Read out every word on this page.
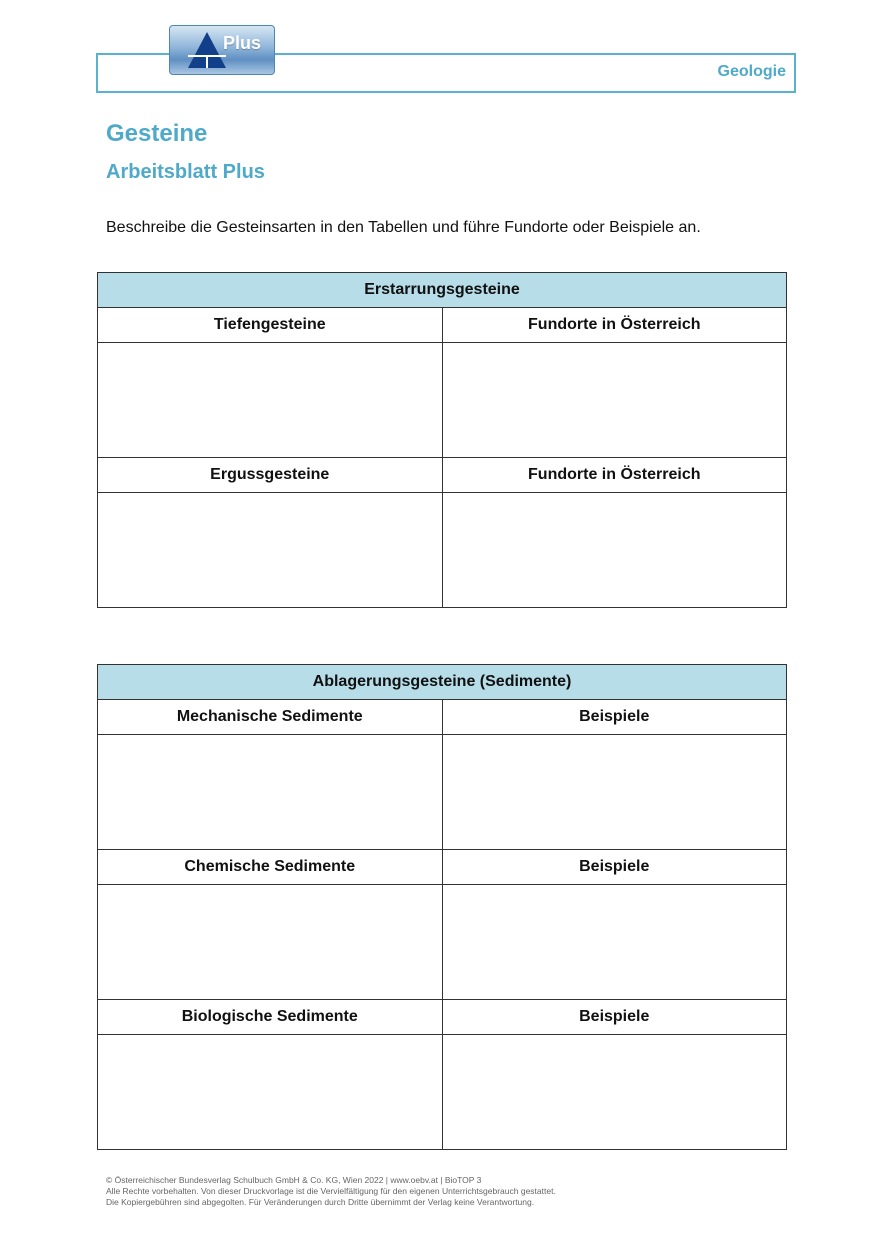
Geologie
Plus
Gesteine
Arbeitsblatt Plus

Beschreibe die Gesteinsarten in den Tabellen und führe Fundorte oder Beispiele an.

Erstarrungsgesteine	
Tiefengesteine	Fundorte in Österreich

Ergussgesteine	Fundorte in Österreich

Ablagerungsgesteine (Sedimente)	
Mechanische Sedimente	Beispiele

Chemische Sedimente	Beispiele

Biologische Sedimente	Beispiele

© Österreichischer Bundesverlag Schulbuch GmbH & Co. KG, Wien 2022 | www.oebv.at | BioTOP 3
Alle Rechte vorbehalten. Von dieser Druckvorlage ist die Vervielfältigung für den eigenen Unterrichtsgebrauch gestattet.
Die Kopiergebühren sind abgegolten. Für Veränderungen durch Dritte übernimmt der Verlag keine Verantwortung.
